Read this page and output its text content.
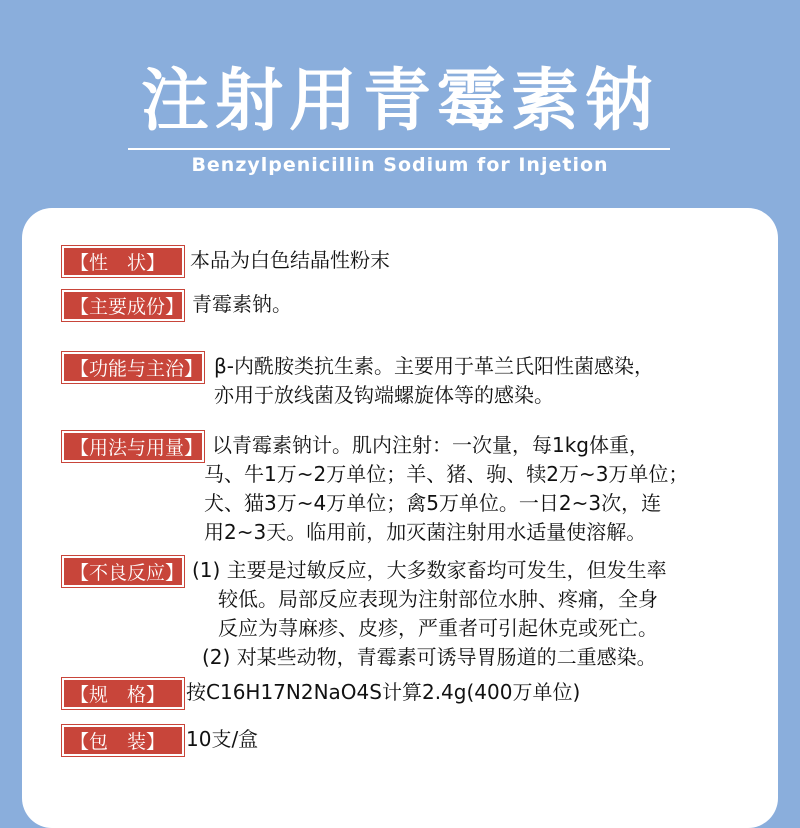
注射用青霉素钠
Benzylpenicillin Sodium for Injetion
【性　状】	本品为白色结晶性粉末
【主要成份】 青霉素钠。
【功能与主治】 β-内酰胺类抗生素。主要用于革兰氏阳性菌感染，
亦用于放线菌及钩端螺旋体等的感染。
【用法与用量】 以青霉素钠计。肌内注射：一次量，每1kg体重，
马、牛1万~2万单位；羊、猪、驹、犊2万~3万单位；
犬、猫3万~4万单位；禽5万单位。一日2~3次，连
用2~3天。临用前，加灭菌注射用水适量使溶解。
【不良反应】 (1) 主要是过敏反应，大多数家畜均可发生，但发生率
较低。局部反应表现为注射部位水肿、疼痛，全身
反应为荨麻疹、皮疹，严重者可引起休克或死亡。
(2) 对某些动物，青霉素可诱导胃肠道的二重感染。
【规　格】	按C16H17N2NaO4S计算2.4g(400万单位)
【包　装】	10支/盒
